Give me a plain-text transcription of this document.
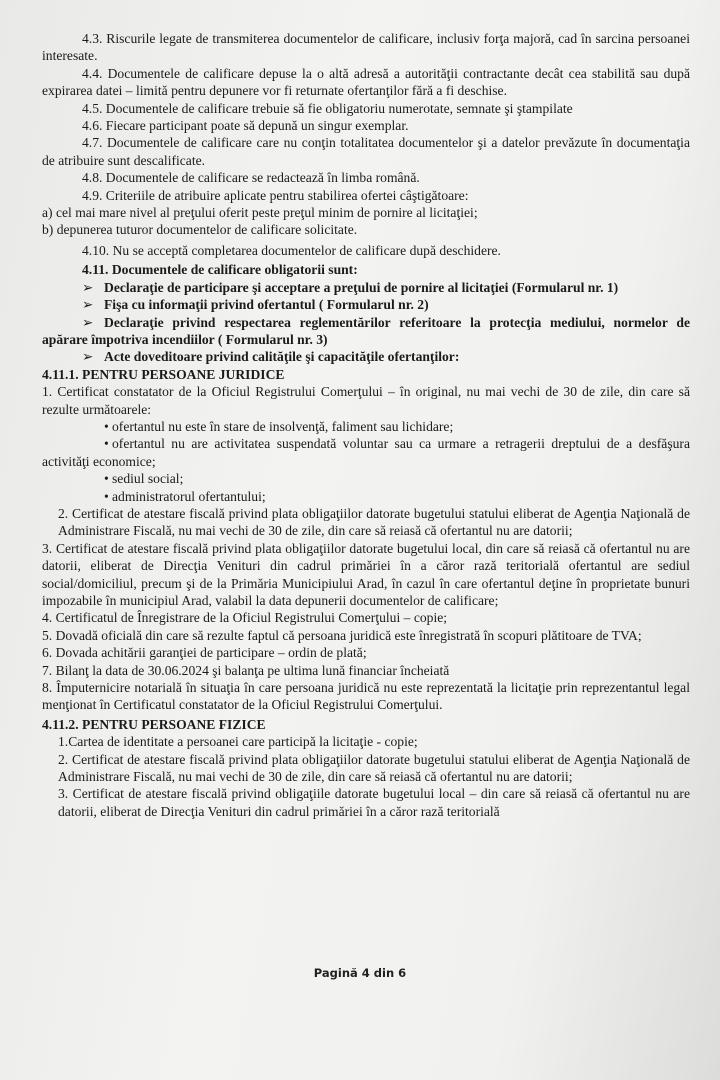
4.3. Riscurile legate de transmiterea documentelor de calificare, inclusiv forţa majoră, cad în sarcina persoanei interesate.

4.4. Documentele de calificare depuse la o altă adresă a autorităţii contractante decât cea stabilită sau după expirarea datei – limită pentru depunere vor fi returnate ofertanţilor fără a fi deschise.

4.5. Documentele de calificare trebuie să fie obligatoriu numerotate, semnate şi ştampilate

4.6. Fiecare participant poate să depună un singur exemplar.

4.7. Documentele de calificare care nu conţin totalitatea documentelor şi a datelor prevăzute în documentaţia de atribuire sunt descalificate.

4.8. Documentele de calificare se redactează în limba română.

4.9. Criteriile de atribuire aplicate pentru stabilirea ofertei câştigătoare:

a) cel mai mare nivel al preţului oferit peste preţul minim de pornire al licitaţiei;

b) depunerea tuturor documentelor de calificare solicitate.

4.10. Nu se acceptă completarea documentelor de calificare după deschidere.

4.11. Documentele de calificare obligatorii sunt:

➢ Declaraţie de participare şi acceptare a preţului de pornire al licitaţiei (Formularul nr. 1)

➢ Fişa cu informaţii privind ofertantul ( Formularul nr. 2)

➢ Declaraţie privind respectarea reglementărilor referitoare la protecţia mediului, normelor de apărare împotriva incendiilor ( Formularul nr. 3)

➢ Acte doveditoare privind calităţile şi capacităţile ofertanţilor:

4.11.1. PENTRU PERSOANE JURIDICE

1. Certificat constatator de la Oficiul Registrului Comerţului – în original, nu mai vechi de 30 de zile, din care să rezulte următoarele:

• ofertantul nu este în stare de insolvenţă, faliment sau lichidare;

• ofertantul nu are activitatea suspendată voluntar sau ca urmare a retragerii dreptului de a desfăşura activităţi economice;

• sediul social;

• administratorul ofertantului;

2. Certificat de atestare fiscală privind plata obligaţiilor datorate bugetului statului eliberat de Agenţia Naţională de Administrare Fiscală, nu mai vechi de 30 de zile, din care să reiasă că ofertantul nu are datorii;

3. Certificat de atestare fiscală privind plata obligaţiilor datorate bugetului local, din care să reiasă că ofertantul nu are datorii, eliberat de Direcţia Venituri din cadrul primăriei în a căror rază teritorială ofertantul are sediul social/domiciliul, precum şi de la Primăria Municipiului Arad, în cazul în care ofertantul deţine în proprietate bunuri impozabile în municipiul Arad, valabil la data depunerii documentelor de calificare;

4. Certificatul de Înregistrare de la Oficiul Registrului Comerţului – copie;

5. Dovadă oficială din care să rezulte faptul că persoana juridică este înregistrată în scopuri plătitoare de TVA;

6. Dovada achitării garanţiei de participare – ordin de plată;

7. Bilanţ la data de 30.06.2024 şi balanţa pe ultima lună financiar încheiată

8. Împuternicire notarială în situaţia în care persoana juridică nu este reprezentată la licitaţie prin reprezentantul legal menţionat în Certificatul constatator de la Oficiul Registrului Comerţului.

4.11.2. PENTRU PERSOANE FIZICE

1.Cartea de identitate a persoanei care participă la licitaţie - copie;

2. Certificat de atestare fiscală privind plata obligaţiilor datorate bugetului statului eliberat de Agenţia Naţională de Administrare Fiscală, nu mai vechi de 30 de zile, din care să reiasă că ofertantul nu are datorii;

3. Certificat de atestare fiscală privind obligaţiile datorate bugetului local – din care să reiasă că ofertantul nu are datorii, eliberat de Direcţia Venituri din cadrul primăriei în a căror rază teritorială

Pagină 4 din 6
